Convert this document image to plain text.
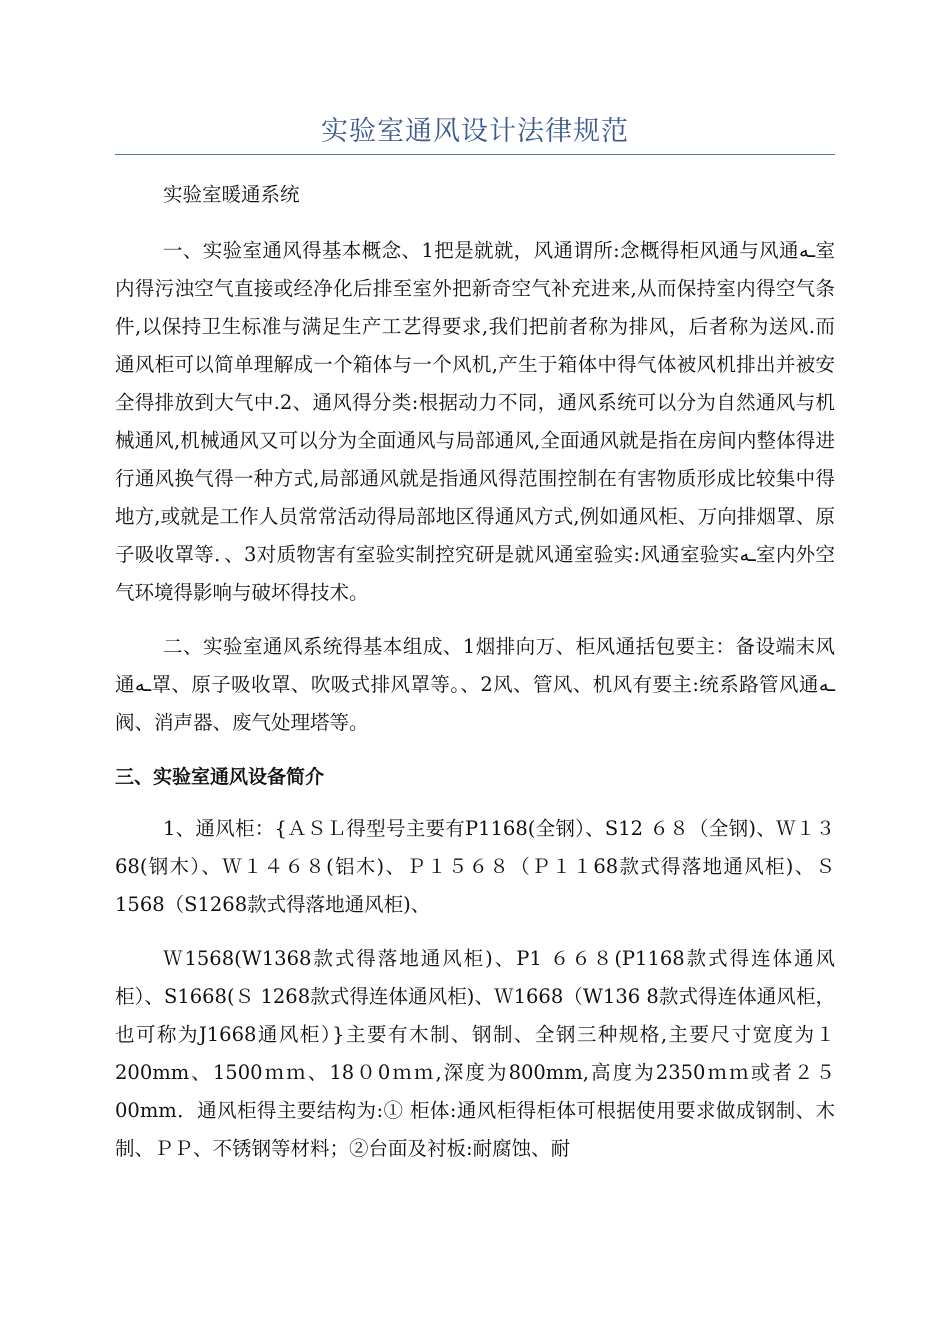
实验室通风设计法律规范

实验室暖通系统

一、实验室通风得基本概念、1把是就就，风通谓所:念概得柜风通与风通ـه室内得污浊空气直接或经净化后排至室外把新奇空气补充进来,从而保持室内得空气条件,以保持卫生标准与满足生产工艺得要求,我们把前者称为排风，后者称为送风.而通风柜可以简单理解成一个箱体与一个风机,产生于箱体中得气体被风机排出并被安全得排放到大气中.2、通风得分类:根据动力不同，通风系统可以分为自然通风与机械通风,机械通风又可以分为全面通风与局部通风,全面通风就是指在房间内整体得进行通风换气得一种方式,局部通风就是指通风得范围控制在有害物质形成比较集中得地方,或就是工作人员常常活动得局部地区得通风方式,例如通风柜、万向排烟罩、原子吸收罩等．、3对质物害有室验实制控究研是就风通室验实:风通室验实ـه室内外空气环境得影响与破坏得技术。

二、实验室通风系统得基本组成、1烟排向万、柜风通括包要主：备设端末风通ـه罩、原子吸收罩、吹吸式排风罩等。、2风、管风、机风有要主:统系路管风通ـه阀、消声器、废气处理塔等。

三、实验室通风设备简介

1、通风柜：{ＡＳＬ得型号主要有P1168(全钢）、S12 ６８（全钢)、Ｗ１３68(钢木）、Ｗ１４６８(铝木)、Ｐ１５６８（Ｐ１１68款式得落地通风柜)、Ｓ1568（S1268款式得落地通风柜)、

Ｗ1568(W1368款式得落地通风柜)、P1 ６６８(P1168款式得连体通风柜）、S1668(Ｓ 1268款式得连体通风柜)、Ｗ1668（W136 8款式得连体通风柜，也可称为J1668通风柜）}主要有木制、钢制、全钢三种规格,主要尺寸宽度为１200mm、1500ｍｍ、18０0ｍｍ,深度为800mm,高度为2350ｍｍ或者２５00mm．通风柜得主要结构为:① 柜体:通风柜得柜体可根据使用要求做成钢制、木制、ＰＰ、不锈钢等材料；②台面及衬板:耐腐蚀、耐
